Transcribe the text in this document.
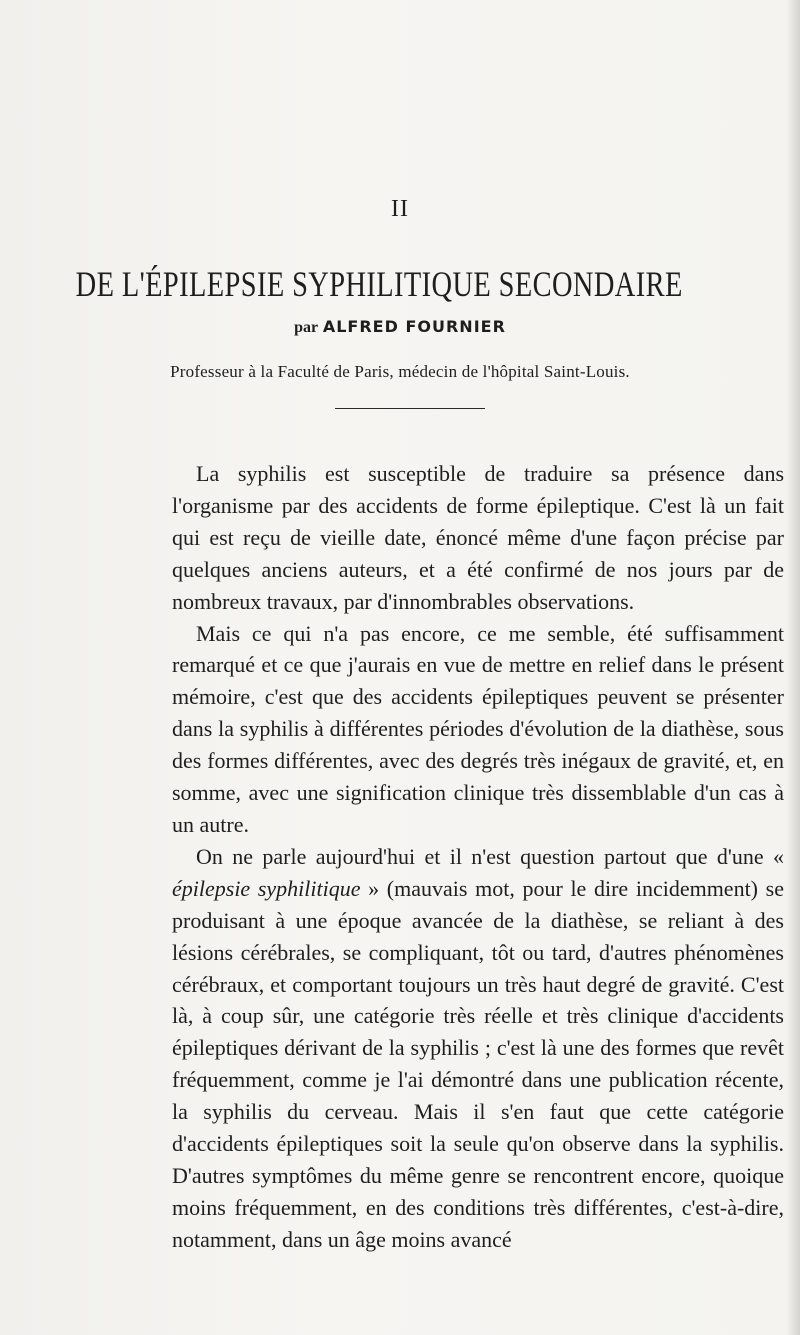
II
DE L'ÉPILEPSIE SYPHILITIQUE SECONDAIRE
par ALFRED FOURNIER
Professeur à la Faculté de Paris, médecin de l'hôpital Saint-Louis.

La syphilis est susceptible de traduire sa présence dans l'organisme par des accidents de forme épileptique. C'est là un fait qui est reçu de vieille date, énoncé même d'une façon précise par quelques anciens auteurs, et a été confirmé de nos jours par de nombreux travaux, par d'innombrables observations.

Mais ce qui n'a pas encore, ce me semble, été suffisamment remarqué et ce que j'aurais en vue de mettre en relief dans le présent mémoire, c'est que des accidents épileptiques peuvent se présenter dans la syphilis à différentes périodes d'évolution de la diathèse, sous des formes différentes, avec des degrés très inégaux de gravité, et, en somme, avec une signification clinique très dissemblable d'un cas à un autre.

On ne parle aujourd'hui et il n'est question partout que d'une « épilepsie syphilitique » (mauvais mot, pour le dire incidemment) se produisant à une époque avancée de la diathèse, se reliant à des lésions cérébrales, se compliquant, tôt ou tard, d'autres phénomènes cérébraux, et comportant toujours un très haut degré de gravité. C'est là, à coup sûr, une catégorie très réelle et très clinique d'accidents épileptiques dérivant de la syphilis ; c'est là une des formes que revêt fréquemment, comme je l'ai démontré dans une publication récente, la syphilis du cerveau. Mais il s'en faut que cette catégorie d'accidents épileptiques soit la seule qu'on observe dans la syphilis. D'autres symptômes du même genre se rencontrent encore, quoique moins fréquemment, en des conditions très différentes, c'est-à-dire, notamment, dans un âge moins avancé
